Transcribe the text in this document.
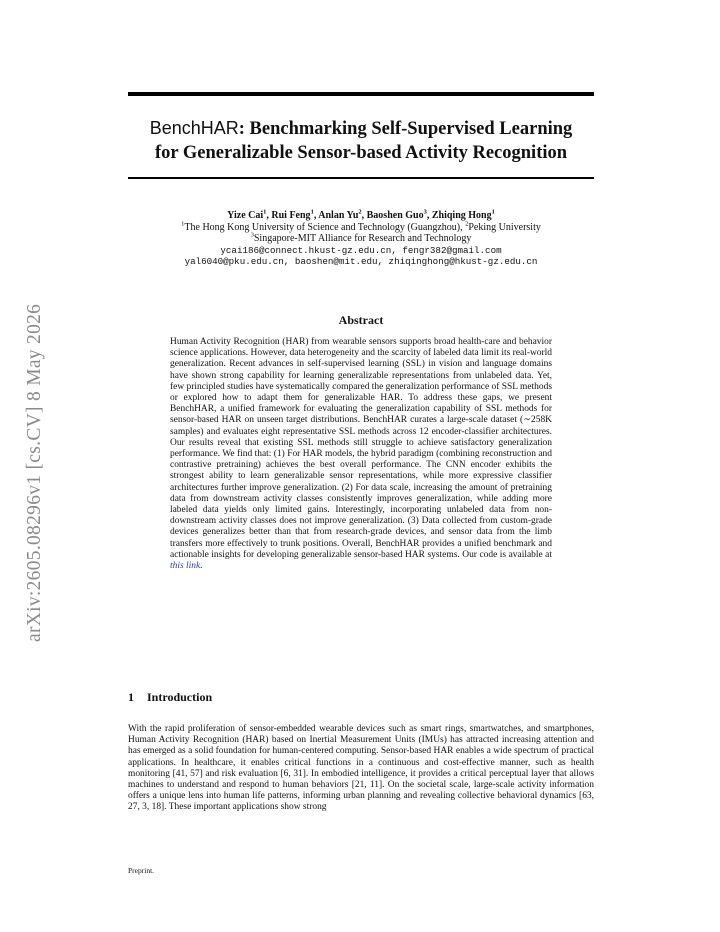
arXiv:2605.08296v1 [cs.CV] 8 May 2026
BenchHAR: Benchmarking Self-Supervised Learning
for Generalizable Sensor-based Activity Recognition
Yize Cai$^1$, Rui Feng$^1$, Anlan Yu$^2$, Baoshen Guo$^3$, Zhiqing Hong$^1$
$^1$The Hong Kong University of Science and Technology (Guangzhou), $^2$Peking University
$^3$Singapore-MIT Alliance for Research and Technology
ycai186@connect.hkust-gz.edu.cn, fengr382@gmail.com
yal6040@pku.edu.cn, baoshen@mit.edu, zhiqinghong@hkust-gz.edu.cn
Abstract
Human Activity Recognition (HAR) from wearable sensors supports broad health-care and behavior science applications. However, data heterogeneity and the scarcity of labeled data limit its real-world generalization. Recent advances in self-supervised learning (SSL) in vision and language domains have shown strong capability for learning generalizable representations from unlabeled data. Yet, few principled studies have systematically compared the generalization performance of SSL methods or explored how to adapt them for generalizable HAR. To address these gaps, we present BenchHAR, a unified framework for evaluating the generalization capability of SSL methods for sensor-based HAR on unseen target distributions. BenchHAR curates a large-scale dataset (∼258K samples) and evaluates eight representative SSL methods across 12 encoder-classifier architectures. Our results reveal that existing SSL methods still struggle to achieve satisfactory generalization performance. We find that: (1) For HAR models, the hybrid paradigm (combining reconstruction and contrastive pretraining) achieves the best overall performance. The CNN encoder exhibits the strongest ability to learn generalizable sensor representations, while more expressive classifier architectures further improve generalization. (2) For data scale, increasing the amount of pretraining data from downstream activity classes consistently improves generalization, while adding more labeled data yields only limited gains. Interestingly, incorporating unlabeled data from non-downstream activity classes does not improve generalization. (3) Data collected from custom-grade devices generalizes better than that from research-grade devices, and sensor data from the limb transfers more effectively to trunk positions. Overall, BenchHAR provides a unified benchmark and actionable insights for developing generalizable sensor-based HAR systems. Our code is available at this link.
1 Introduction
With the rapid proliferation of sensor-embedded wearable devices such as smart rings, smartwatches, and smartphones, Human Activity Recognition (HAR) based on Inertial Measurement Units (IMUs) has attracted increasing attention and has emerged as a solid foundation for human-centered computing. Sensor-based HAR enables a wide spectrum of practical applications. In healthcare, it enables critical functions in a continuous and cost-effective manner, such as health monitoring [41, 57] and risk evaluation [6, 31]. In embodied intelligence, it provides a critical perceptual layer that allows machines to understand and respond to human behaviors [21, 11]. On the societal scale, large-scale activity information offers a unique lens into human life patterns, informing urban planning and revealing collective behavioral dynamics [63, 27, 3, 18]. These important applications show strong
Preprint.
